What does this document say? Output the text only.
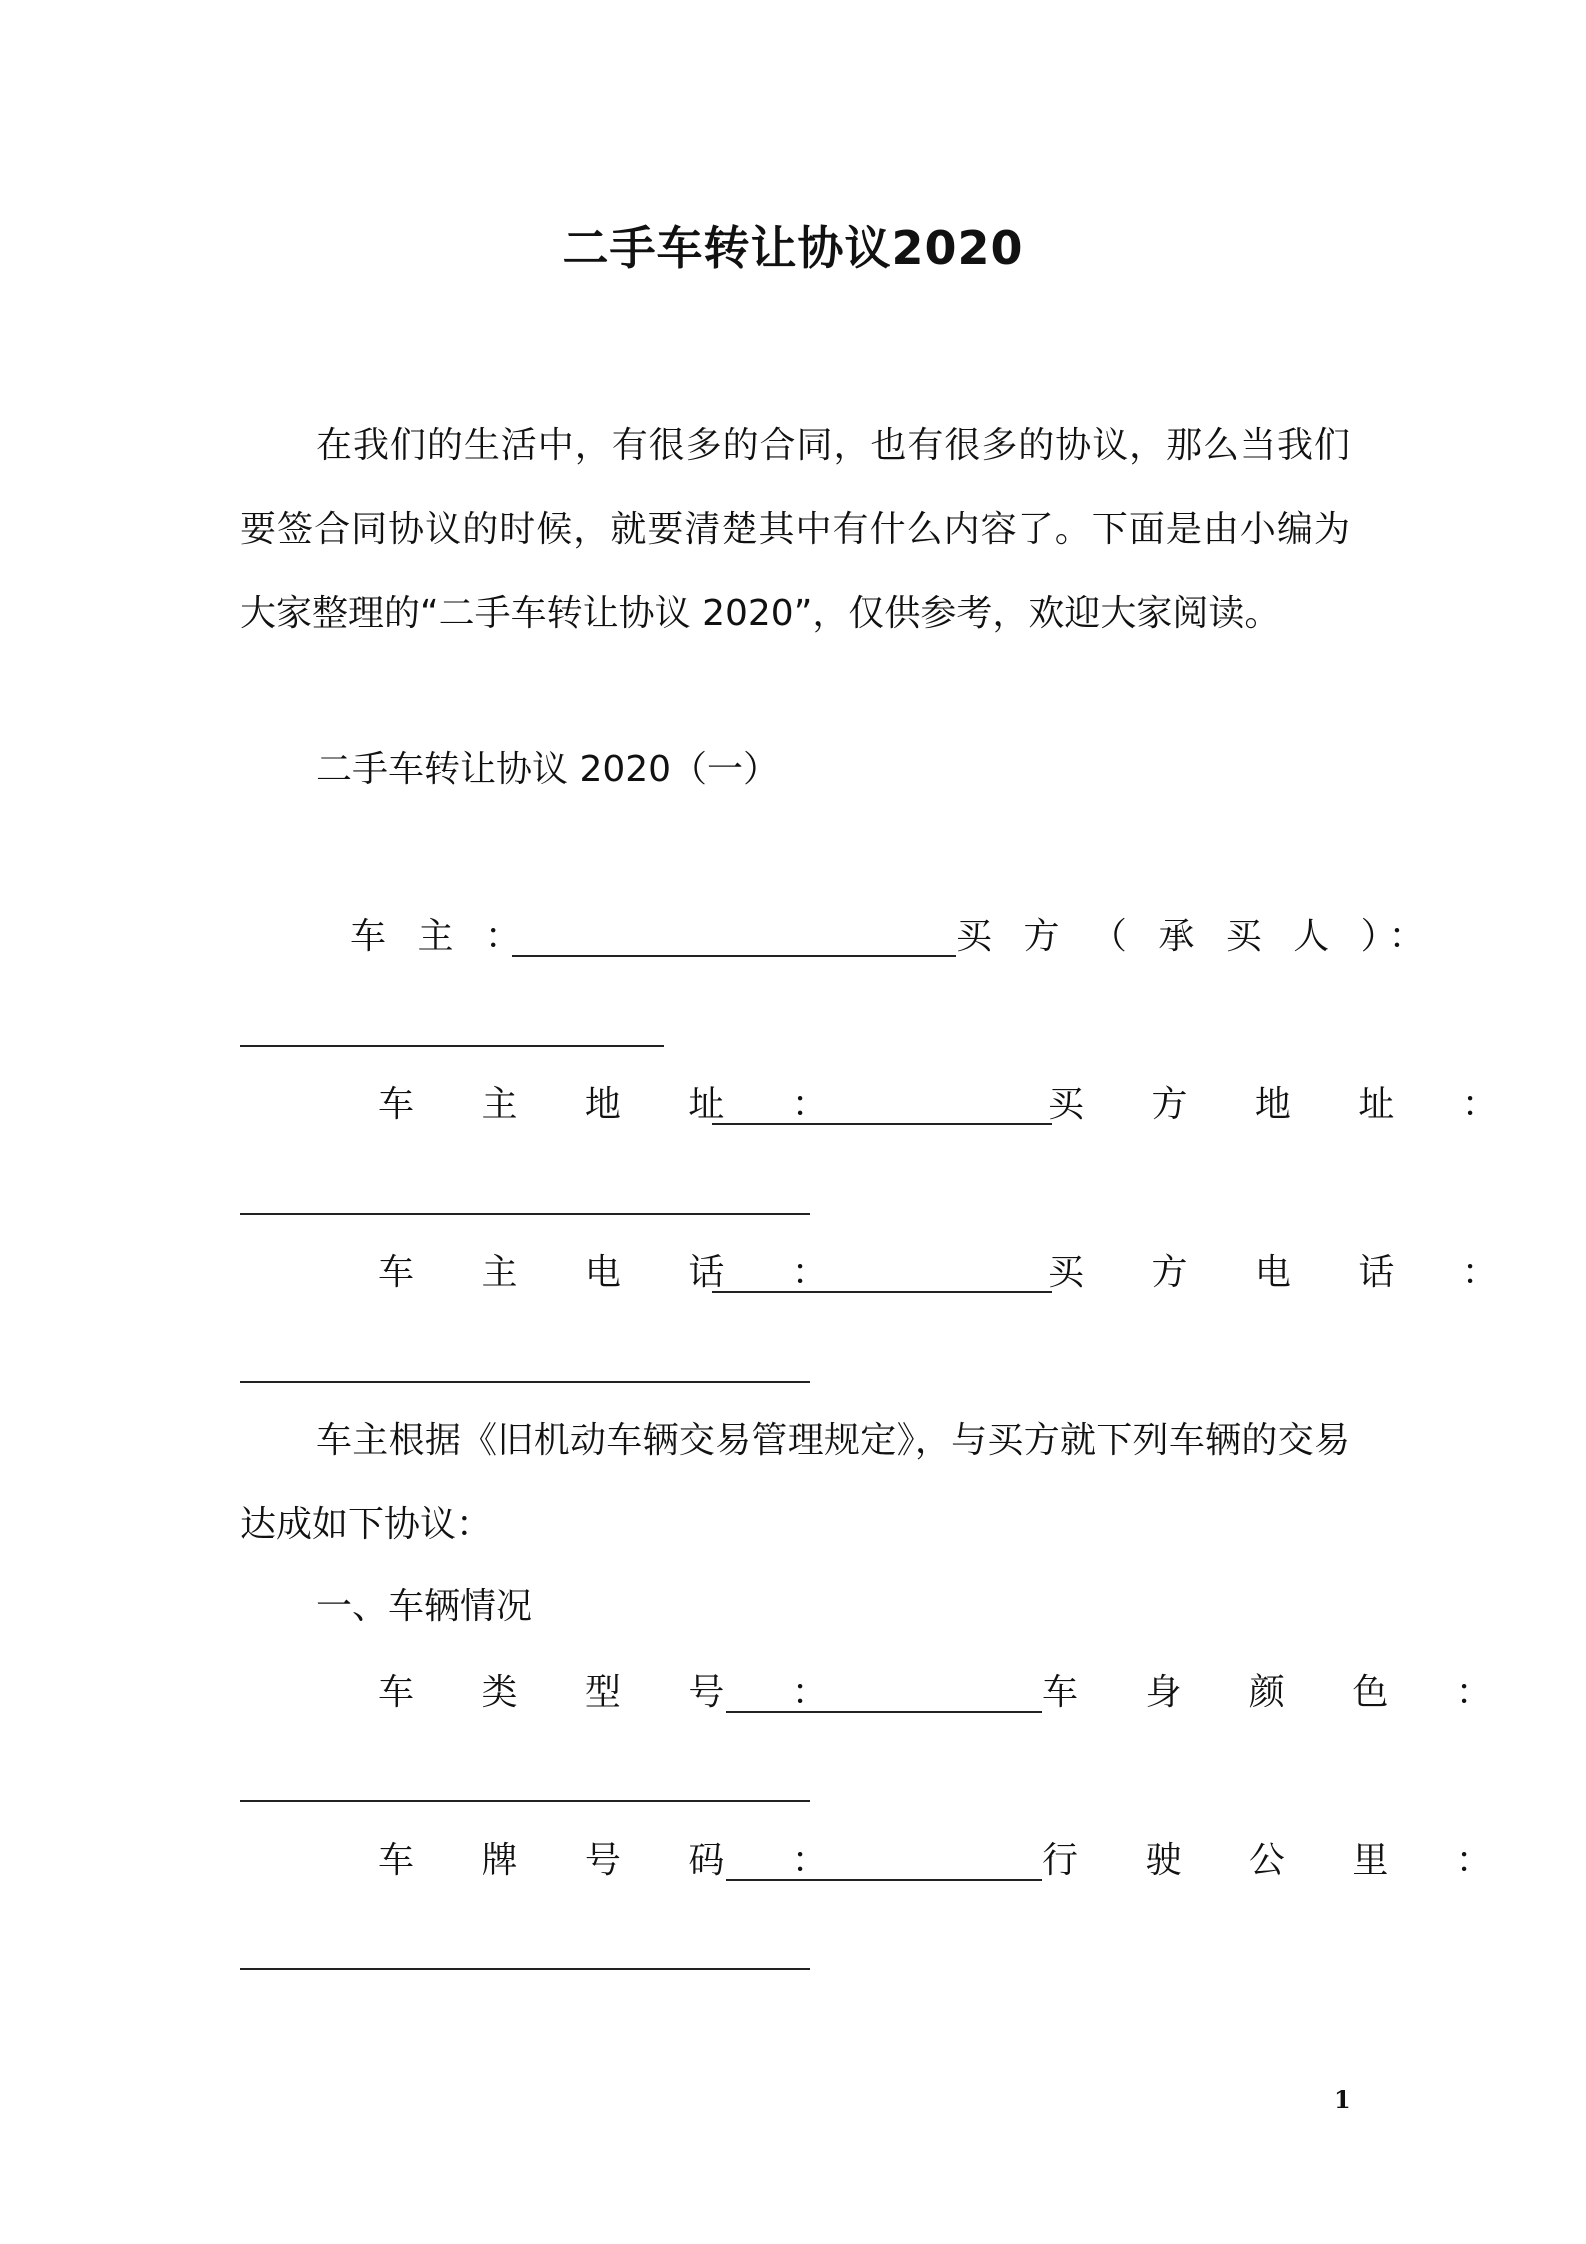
二手车转让协议2020
在我们的生活中，有很多的合同，也有很多的协议，那么当我们要签合同协议的时候，就要清楚其中有什么内容了。下面是由小编为大家整理的“二手车转让协议 2020”，仅供参考，欢迎大家阅读。
二手车转让协议 2020（一）
车 主 ：	买 方 （ 承 买 人 ）：
车 主 地 址 ：	买 方 地 址 ：
车 主 电 话 ：	买 方 电 话 ：
车主根据《旧机动车辆交易管理规定》，与买方就下列车辆的交易达成如下协议：
一、车辆情况
车 类 型 号 ：	车 身 颜 色 ：
车 牌 号 码 ：	行 驶 公 里 ：
1
